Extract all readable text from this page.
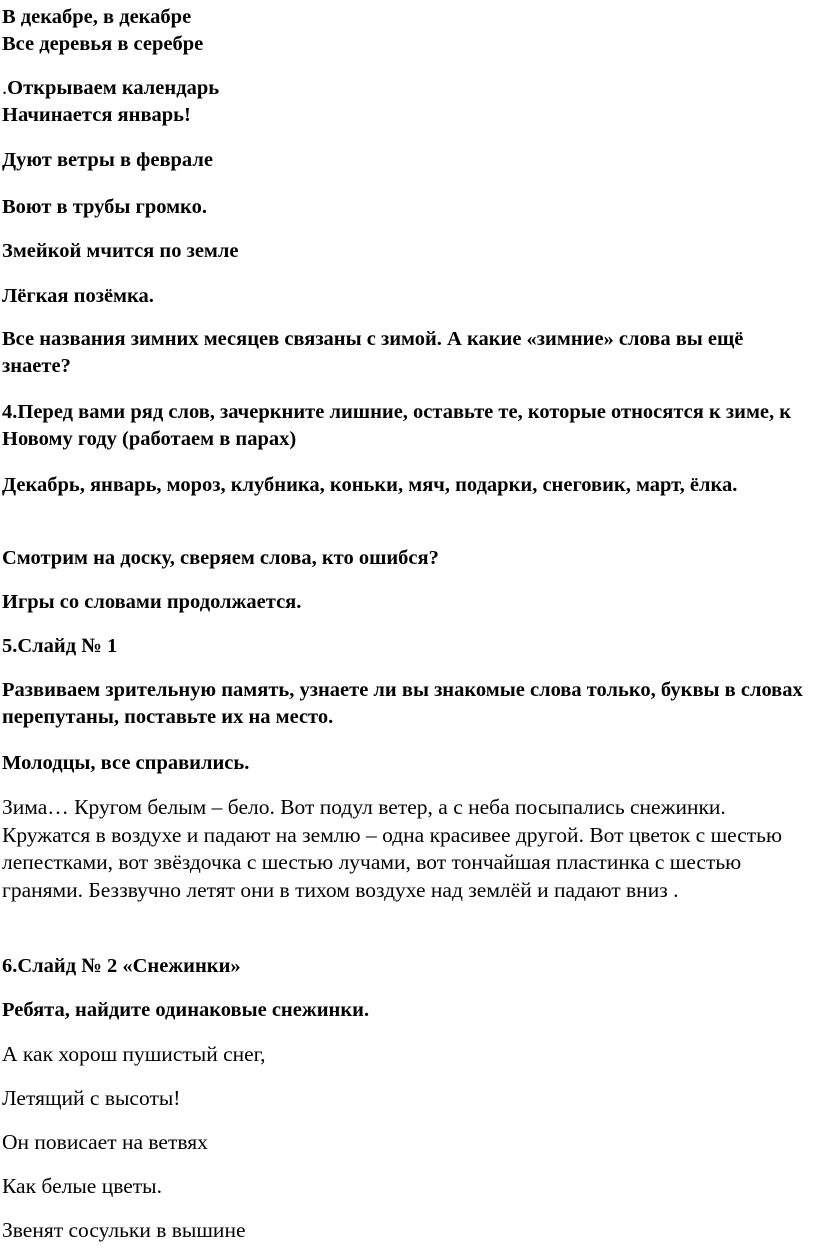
В декабре, в декабре
Все деревья в серебре

.Открываем календарь
Начинается январь!

Дуют ветры в феврале

Воют в трубы громко.

Змейкой мчится по земле

Лёгкая позёмка.

Все названия зимних месяцев связаны с зимой. А какие «зимние» слова вы ещё знаете?

4.Перед вами ряд слов, зачеркните лишние, оставьте те, которые относятся к зиме, к Новому году (работаем в парах)

Декабрь, январь, мороз, клубника, коньки, мяч, подарки, снеговик, март, ёлка.

Смотрим на доску, сверяем слова, кто ошибся?

Игры со словами продолжается.

5.Слайд № 1

Развиваем зрительную память, узнаете ли вы знакомые слова только, буквы в словах перепутаны, поставьте их на место.

Молодцы, все справились.

Зима… Кругом белым – бело. Вот подул ветер, а с неба посыпались снежинки. Кружатся в воздухе и падают на землю – одна красивее другой. Вот цветок с шестью лепестками, вот звёздочка с шестью лучами, вот тончайшая пластинка с шестью гранями. Беззвучно летят они в тихом воздухе над землёй и падают вниз .

6.Слайд № 2 «Снежинки»

Ребята, найдите одинаковые снежинки.

А как хорош пушистый снег,

Летящий с высоты!

Он повисает на ветвях

Как белые цветы.

Звенят сосульки в вышине
